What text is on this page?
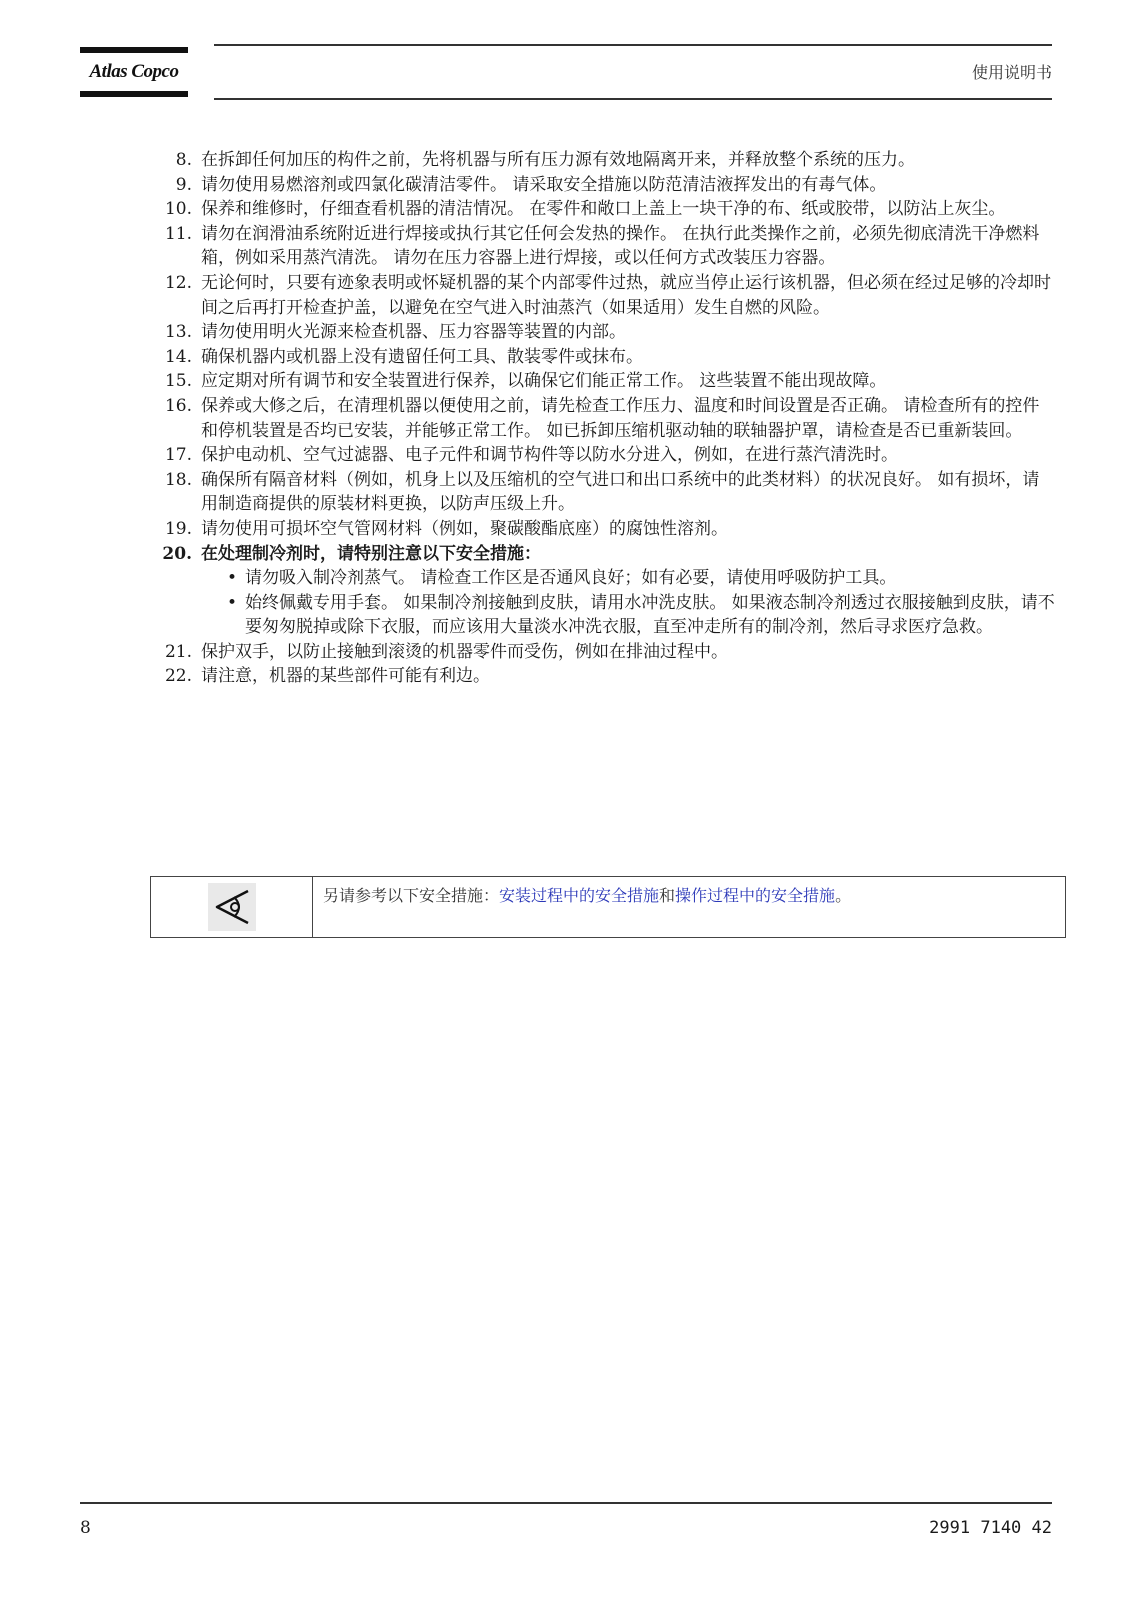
Atlas Copco	使用说明书
8. 在拆卸任何加压的构件之前，先将机器与所有压力源有效地隔离开来，并释放整个系统的压力。
9. 请勿使用易燃溶剂或四氯化碳清洁零件。 请采取安全措施以防范清洁液挥发出的有毒气体。
10. 保养和维修时，仔细查看机器的清洁情况。 在零件和敞口上盖上一块干净的布、纸或胶带，以防沾上灰尘。
11. 请勿在润滑油系统附近进行焊接或执行其它任何会发热的操作。 在执行此类操作之前，必须先彻底清洗干净燃料箱，例如采用蒸汽清洗。 请勿在压力容器上进行焊接，或以任何方式改装压力容器。
12. 无论何时，只要有迹象表明或怀疑机器的某个内部零件过热，就应当停止运行该机器，但必须在经过足够的冷却时间之后再打开检查护盖，以避免在空气进入时油蒸汽（如果适用）发生自燃的风险。
13. 请勿使用明火光源来检查机器、压力容器等装置的内部。
14. 确保机器内或机器上没有遗留任何工具、散装零件或抹布。
15. 应定期对所有调节和安全装置进行保养，以确保它们能正常工作。 这些装置不能出现故障。
16. 保养或大修之后，在清理机器以便使用之前，请先检查工作压力、温度和时间设置是否正确。 请检查所有的控件和停机装置是否均已安装，并能够正常工作。 如已拆卸压缩机驱动轴的联轴器护罩，请检查是否已重新装回。
17. 保护电动机、空气过滤器、电子元件和调节构件等以防水分进入，例如，在进行蒸汽清洗时。
18. 确保所有隔音材料（例如，机身上以及压缩机的空气进口和出口系统中的此类材料）的状况良好。 如有损坏，请用制造商提供的原装材料更换，以防声压级上升。
19. 请勿使用可损坏空气管网材料（例如，聚碳酸酯底座）的腐蚀性溶剂。
20. 在处理制冷剂时，请特别注意以下安全措施：
• 请勿吸入制冷剂蒸气。 请检查工作区是否通风良好；如有必要，请使用呼吸防护工具。
• 始终佩戴专用手套。 如果制冷剂接触到皮肤，请用水冲洗皮肤。 如果液态制冷剂透过衣服接触到皮肤，请不要匆匆脱掉或除下衣服，而应该用大量淡水冲洗衣服，直至冲走所有的制冷剂，然后寻求医疗急救。
21. 保护双手，以防止接触到滚烫的机器零件而受伤，例如在排油过程中。
22. 请注意，机器的某些部件可能有利边。
另请参考以下安全措施：安装过程中的安全措施和操作过程中的安全措施。
8	2991 7140 42
